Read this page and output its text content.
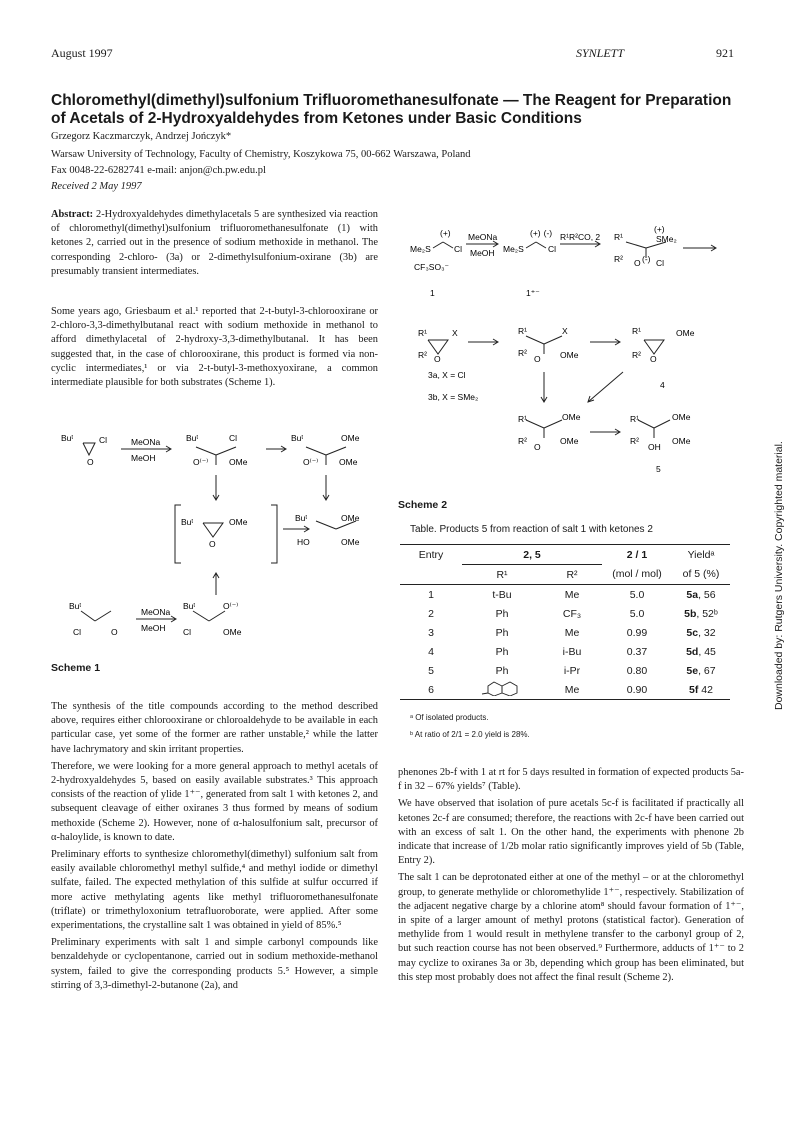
August 1997	SYNLETT	921
Chloromethyl(dimethyl)sulfonium Trifluoromethanesulfonate — The Reagent for Preparation of Acetals of 2-Hydroxyaldehydes from Ketones under Basic Conditions
Grzegorz Kaczmarczyk, Andrzej Jończyk*
Warsaw University of Technology, Faculty of Chemistry, Koszykowa 75, 00-662 Warszawa, Poland
Fax 0048-22-6282741 e-mail: anjon@ch.pw.edu.pl
Received 2 May 1997
Abstract: 2-Hydroxyaldehydes dimethylacetals 5 are synthesized via reaction of chloromethyl(dimethyl)sulfonium trifluoromethanesulfonate (1) with ketones 2, carried out in the presence of sodium methoxide in methanol. The corresponding 2-chloro- (3a) or 2-dimethylsulfonium-oxirane (3b) are presumably transient intermediates.

Some years ago, Griesbaum et al.¹ reported that 2-t-butyl-3-chlorooxirane or 2-chloro-3,3-dimethylbutanal react with sodium methoxide in methanol to afford dimethylacetal of 2-hydroxy-3,3-dimethylbutanal. It has been suggested that, in the case of chlorooxirane, this product is formed via non-cyclic intermediates,¹ or via 2-t-butyl-3-methoxyoxirane, a common intermediate plausible for both substrates (Scheme 1).

Buᵗ	Cl
O
MeONa
MeOH
Buᵗ	Cl
O⁽⁻⁾ OMe
Buᵗ	OMe
O⁽⁻⁾ OMe
Buᵗ	OMe
O
Buᵗ	OMe
HO	OMe
Buᵗ
Cl	O
MeONa
MeOH
Buᵗ	O⁽⁻⁾
Cl	OMe
Scheme 1

The synthesis of the title compounds according to the method described above, requires either chlorooxirane or chloroaldehyde to be available in each particular case, yet some of the former are rather unstable,² while the latter have lachrymatory and skin irritant properties.

Therefore, we were looking for a more general approach to methyl acetals of 2-hydroxyaldehydes 5, based on easily available substrates.³ This approach consists of the reaction of ylide 1⁺⁻, generated from salt 1 with ketones 2, and subsequent cleavage of either oxiranes 3 thus formed by means of sodium methoxide (Scheme 2). However, none of α-halosulfonium salt, precursor of α-haloylide, is known to date.

Preliminary efforts to synthesize chloromethyl(dimethyl) sulfonium salt from easily available chloromethyl methyl sulfide,⁴ and methyl iodide or dimethyl sulfate, failed. The expected methylation of this sulfide at sulfur occurred if more active methylating agents like methyl trifluoromethanesulfonate (triflate) or trimethyloxonium tetrafluoroborate, were applied. After some experimentations, the crystalline salt 1 was obtained in yield of 85%.⁵

Preliminary experiments with salt 1 and simple carbonyl compounds like benzaldehyde or cyclopentanone, carried out in sodium methoxide-methanol system, failed to give the corresponding products 5.⁵ However, a simple stirring of 3,3-dimethyl-2-butanone (2a), and

(+)
Me₂S	Cl
CF₃SO₃⁻
MeONa
MeOH
(+) (-)
Me₂S	Cl
R¹R²CO, 2 R¹
(+)
SMe₂
R² O (-) Cl
1	1⁺⁻
R¹	X
R² O
R¹	X
R²
O OMe
R¹	OMe
R² O
3a, X = Cl
3b, X = SMe₂
4
R¹	OMe
R²
O
OMe
R¹	OMe
R²
OH
OMe
5
Scheme 2
Table. Products 5 from reaction of salt 1 with ketones 2
Entry	2, 5		2 / 1	Yieldᵃ
	R¹	R²	(mol / mol)	of 5 (%)
1	t-Bu	Me	5.0	5a, 56
2	Ph	CF₃	5.0	5b, 52ᵇ
3	Ph	Me	0.99	5c, 32
4	Ph	i-Bu	0.37	5d, 45
5	Ph	i-Pr	0.80	5e, 67
6		Me	0.90	5f 42
ᵃ Of isolated products.
ᵇ At ratio of 2/1 = 2.0 yield is 28%.

phenones 2b-f with 1 at rt for 5 days resulted in formation of expected products 5a-f in 32 – 67% yields⁷ (Table).

We have observed that isolation of pure acetals 5c-f is facilitated if practically all ketones 2c-f are consumed; therefore, the reactions with 2c-f have been carried out with an excess of salt 1. On the other hand, the experiments with phenone 2b indicate that increase of 1/2b molar ratio significantly improves yield of 5b (Table, Entry 2).

The salt 1 can be deprotonated either at one of the methyl – or at the chloromethyl group, to generate methylide or chloromethylide 1⁺⁻, respectively. Stabilization of the adjacent negative charge by a chlorine atom⁸ should favour formation of 1⁺⁻, in spite of a larger amount of methyl protons (statistical factor). Generation of methylide from 1 would result in methylene transfer to the carbonyl group of 2, but such reaction course has not been observed.⁹ Furthermore, adducts of 1⁺⁻ to 2 may cyclize to oxiranes 3a or 3b, depending which group has been eliminated, but this step most probably does not affect the final result (Scheme 2).

Downloaded by: Rutgers University. Copyrighted material.
